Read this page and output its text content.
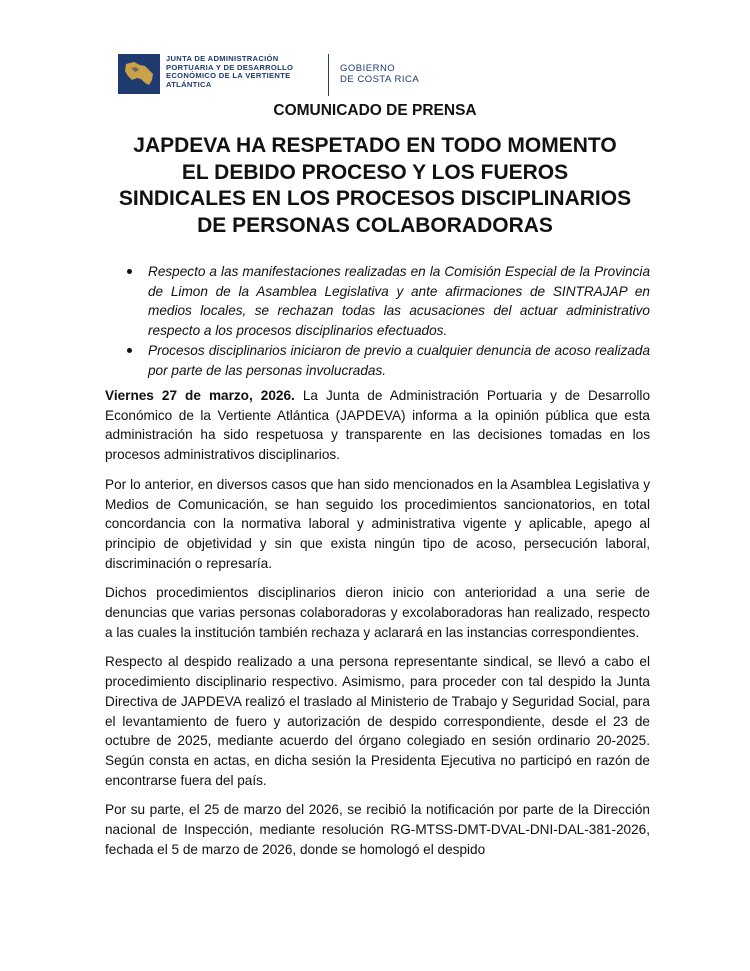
JUNTA DE ADMINISTRACIÓN
PORTUARIA Y DE DESARROLLO
ECONÓMICO DE LA VERTIENTE
ATLÁNTICA
GOBIERNO
DE COSTA RICA
COMUNICADO DE PRENSA
JAPDEVA HA RESPETADO EN TODO MOMENTO
EL DEBIDO PROCESO Y LOS FUEROS
SINDICALES EN LOS PROCESOS DISCIPLINARIOS
DE PERSONAS COLABORADORAS
Respecto a las manifestaciones realizadas en la Comisión Especial de la Provincia de Limon de la Asamblea Legislativa y ante afirmaciones de SINTRAJAP en medios locales, se rechazan todas las acusaciones del actuar administrativo respecto a los procesos disciplinarios efectuados.
Procesos disciplinarios iniciaron de previo a cualquier denuncia de acoso realizada por parte de las personas involucradas.

Viernes 27 de marzo, 2026. La Junta de Administración Portuaria y de Desarrollo Económico de la Vertiente Atlántica (JAPDEVA) informa a la opinión pública que esta administración ha sido respetuosa y transparente en las decisiones tomadas en los procesos administrativos disciplinarios.

Por lo anterior, en diversos casos que han sido mencionados en la Asamblea Legislativa y Medios de Comunicación, se han seguido los procedimientos sancionatorios, en total concordancia con la normativa laboral y administrativa vigente y aplicable, apego al principio de objetividad y sin que exista ningún tipo de acoso, persecución laboral, discriminación o represaría.

Dichos procedimientos disciplinarios dieron inicio con anterioridad a una serie de denuncias que varias personas colaboradoras y excolaboradoras han realizado, respecto a las cuales la institución también rechaza y aclarará en las instancias correspondientes.

Respecto al despido realizado a una persona representante sindical, se llevó a cabo el procedimiento disciplinario respectivo. Asimismo, para proceder con tal despido la Junta Directiva de JAPDEVA realizó el traslado al Ministerio de Trabajo y Seguridad Social, para el levantamiento de fuero y autorización de despido correspondiente, desde el 23 de octubre de 2025, mediante acuerdo del órgano colegiado en sesión ordinario 20-2025. Según consta en actas, en dicha sesión la Presidenta Ejecutiva no participó en razón de encontrarse fuera del país.

Por su parte, el 25 de marzo del 2026, se recibió la notificación por parte de la Dirección nacional de Inspección, mediante resolución RG-MTSS-DMT-DVAL-DNI-DAL-381-2026, fechada el 5 de marzo de 2026, donde se homologó el despido
